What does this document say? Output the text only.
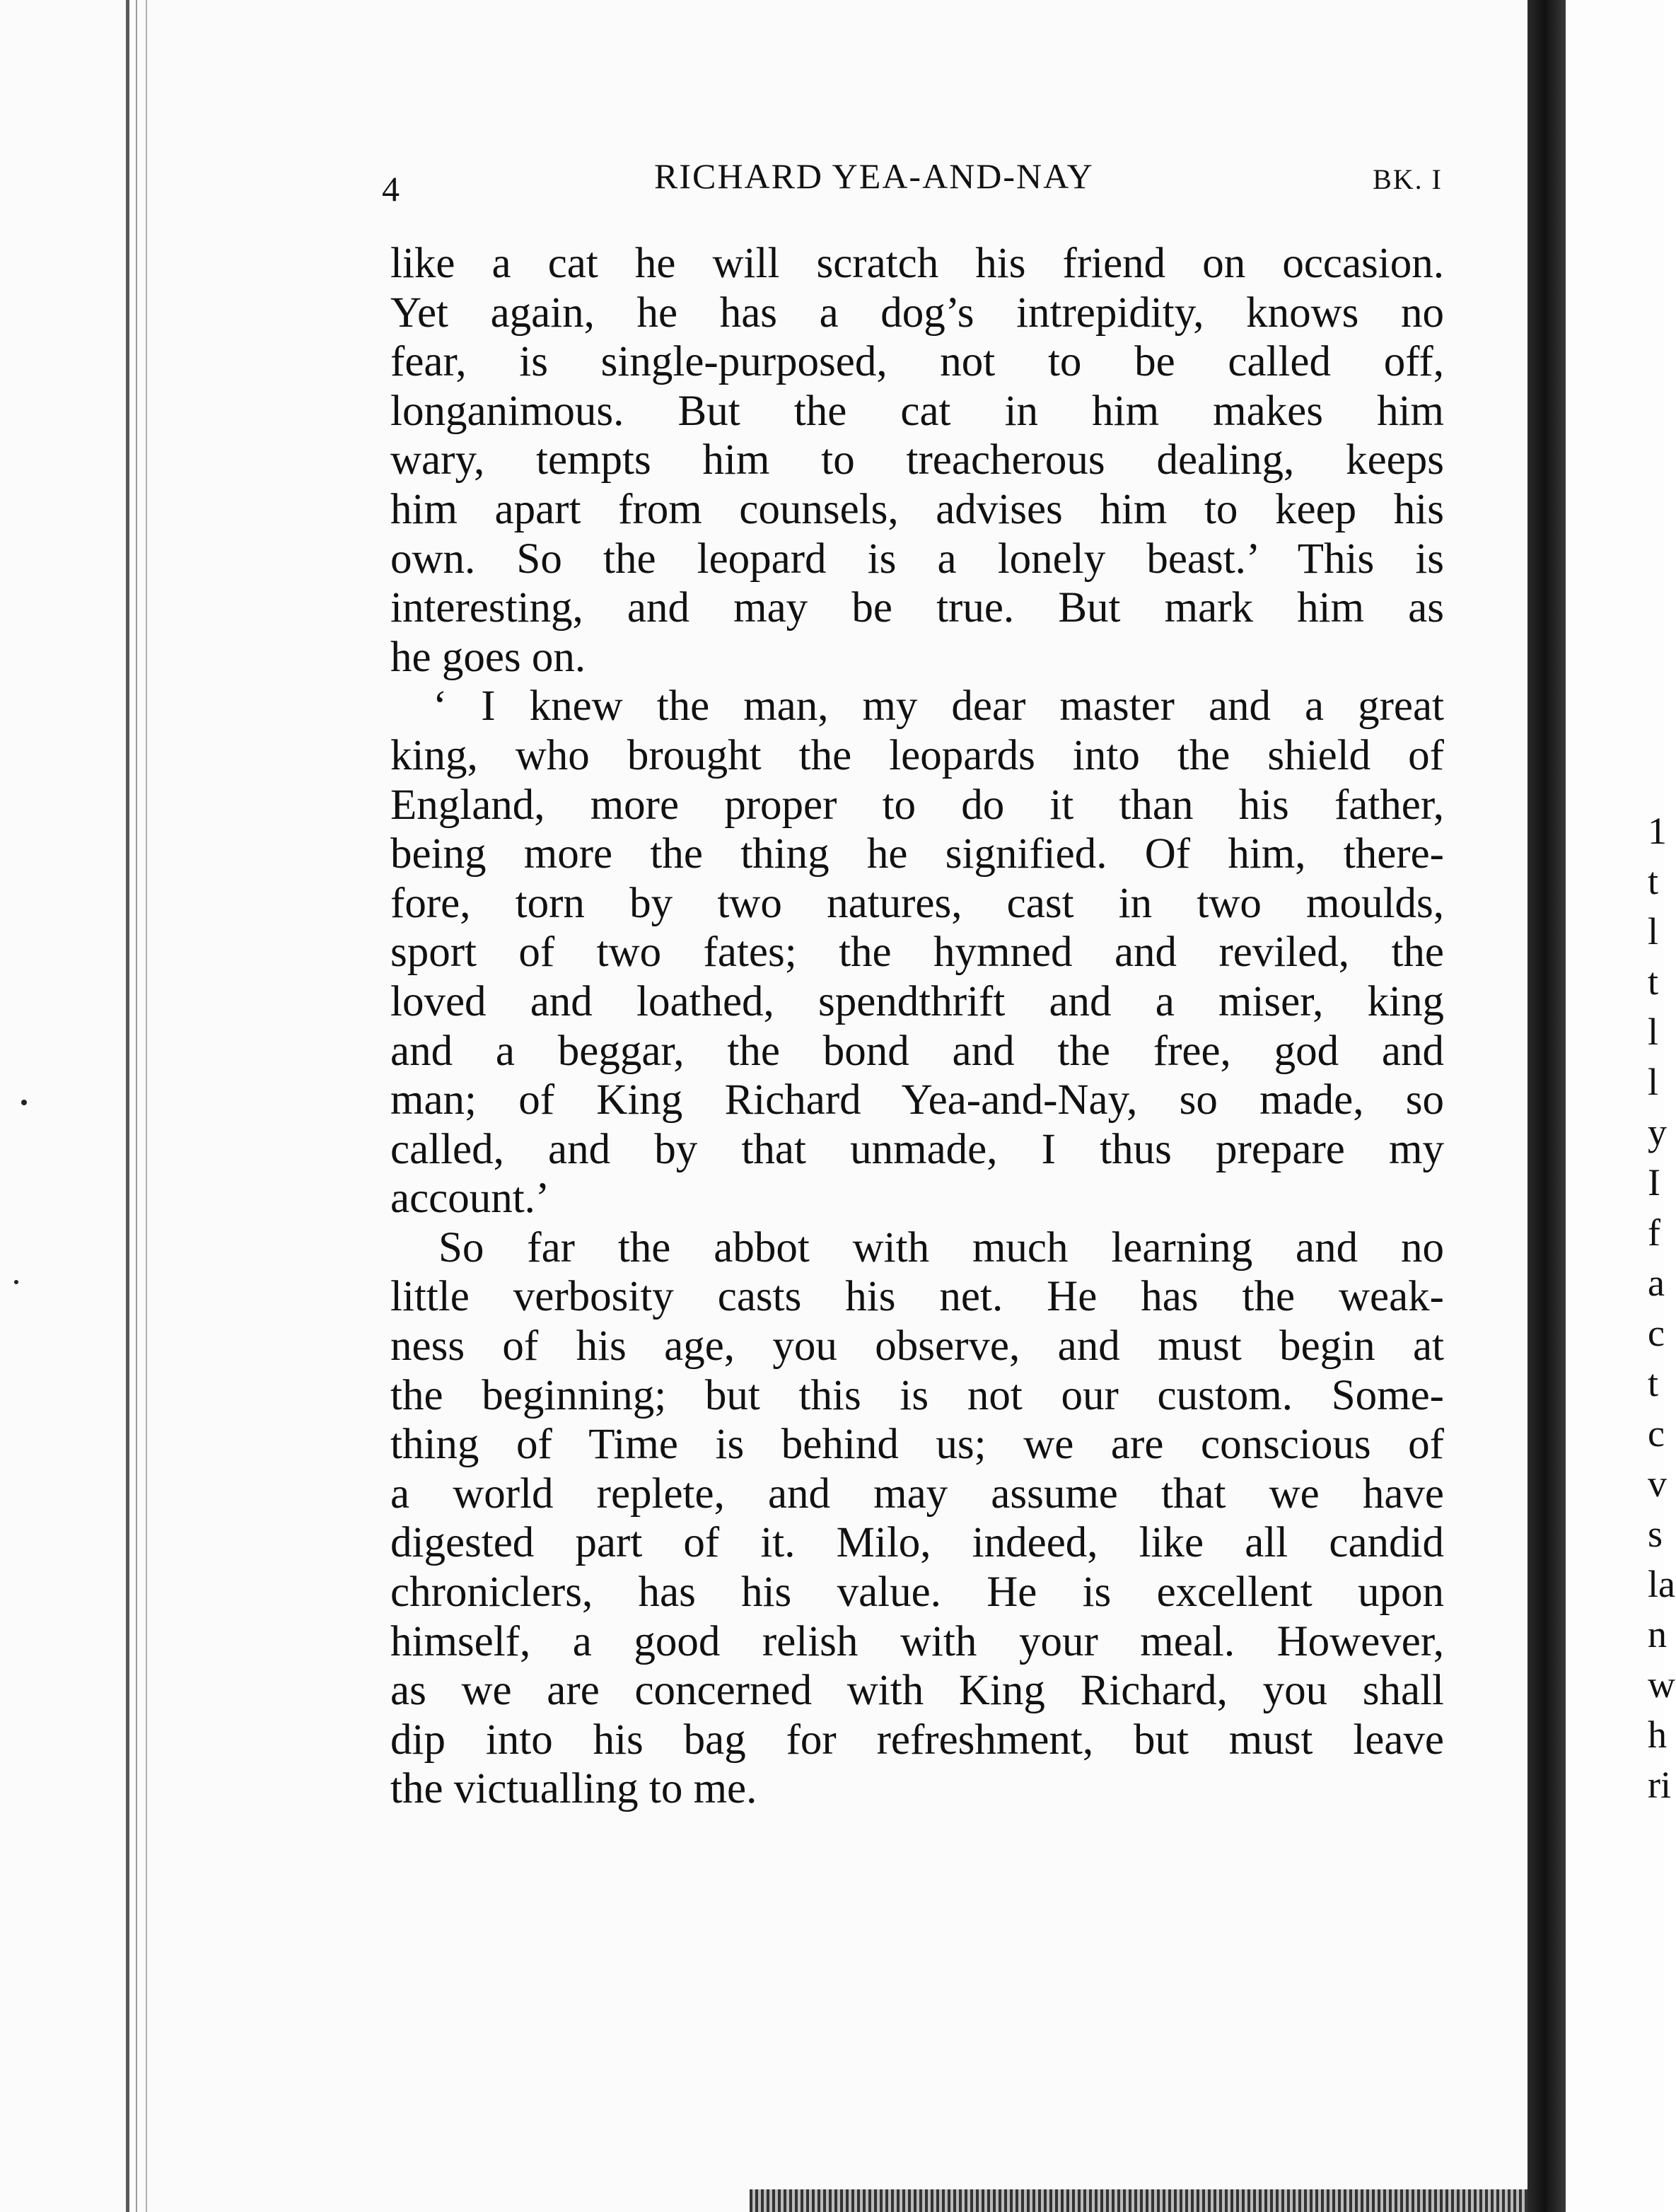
4	RICHARD YEA-AND-NAY	BK. I
like a cat he will scratch his friend on occasion.
Yet again, he has a dog’s intrepidity, knows no
fear, is single-purposed, not to be called off,
longanimous. But the cat in him makes him
wary, tempts him to treacherous dealing, keeps
him apart from counsels, advises him to keep his
own. So the leopard is a lonely beast.’ This is
interesting, and may be true. But mark him as
he goes on.
‘ I knew the man, my dear master and a great
king, who brought the leopards into the shield of
England, more proper to do it than his father,
being more the thing he signified. Of him, there-
fore, torn by two natures, cast in two moulds,
sport of two fates; the hymned and reviled, the
loved and loathed, spendthrift and a miser, king
and a beggar, the bond and the free, god and
man; of King Richard Yea-and-Nay, so made, so
called, and by that unmade, I thus prepare my
account.’
So far the abbot with much learning and no
little verbosity casts his net. He has the weak-
ness of his age, you observe, and must begin at
the beginning; but this is not our custom. Some-
thing of Time is behind us; we are conscious of
a world replete, and may assume that we have
digested part of it. Milo, indeed, like all candid
chroniclers, has his value. He is excellent upon
himself, a good relish with your meal. However,
as we are concerned with King Richard, you shall
dip into his bag for refreshment, but must leave
the victualling to me.
1
t
l
t
l
l
y
I
f
a
c
t
c
v
s
la
n
w
h
ri
